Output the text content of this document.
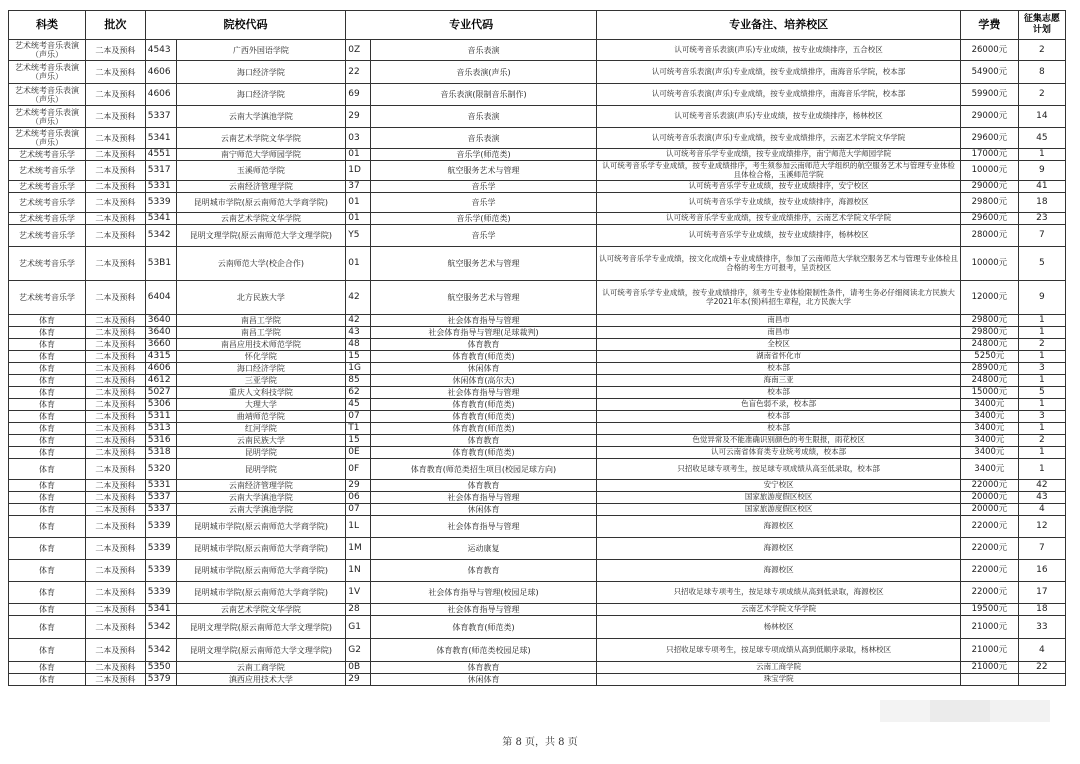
科类	批次	院校代码		专业代码		专业备注、培养校区	学费	征集志愿计划
艺术统考音乐表演（声乐）	二本及预科	4543	广西外国语学院	0Z	音乐表演	认可统考音乐表演(声乐)专业成绩，按专业成绩排序，五合校区	26000元	2
艺术统考音乐表演（声乐）	二本及预科	4606	海口经济学院	22	音乐表演(声乐)	认可统考音乐表演(声乐)专业成绩，按专业成绩排序，南海音乐学院，校本部	54900元	8
艺术统考音乐表演（声乐）	二本及预科	4606	海口经济学院	69	音乐表演(限制音乐制作)	认可统考音乐表演(声乐)专业成绩，按专业成绩排序，南海音乐学院，校本部	59900元	2
艺术统考音乐表演（声乐）	二本及预科	5337	云南大学滇池学院	29	音乐表演	认可统考音乐表演(声乐)专业成绩，按专业成绩排序，杨林校区	29000元	14
艺术统考音乐表演（声乐）	二本及预科	5341	云南艺术学院文华学院	03	音乐表演	认可统考音乐表演(声乐)专业成绩，按专业成绩排序，云南艺术学院文华学院	29600元	45
艺术统考音乐学	二本及预科	4551	南宁师范大学师园学院	01	音乐学(师范类)	认可统考音乐学专业成绩，按专业成绩排序，南宁师范大学师园学院	17000元	1
艺术统考音乐学	二本及预科	5317	玉溪师范学院	1D	航空服务艺术与管理	认可统考音乐学专业成绩，按专业成绩排序，考生须参加云南师范大学组织的航空服务艺术与管理专业体检且体检合格，玉溪师范学院	10000元	9
艺术统考音乐学	二本及预科	5331	云南经济管理学院	37	音乐学	认可统考音乐学专业成绩，按专业成绩排序，安宁校区	29000元	41
艺术统考音乐学	二本及预科	5339	昆明城市学院(原云南师范大学商学院)	01	音乐学	认可统考音乐学专业成绩，按专业成绩排序，海源校区	29800元	18
艺术统考音乐学	二本及预科	5341	云南艺术学院文华学院	01	音乐学(师范类)	认可统考音乐学专业成绩，按专业成绩排序，云南艺术学院文华学院	29600元	23
艺术统考音乐学	二本及预科	5342	昆明文理学院(原云南师范大学文理学院)	Y5	音乐学	认可统考音乐学专业成绩，按专业成绩排序，杨林校区	28000元	7
艺术统考音乐学	二本及预科	53B1	云南师范大学(校企合作)	01	航空服务艺术与管理	认可统考音乐学专业成绩，按文化成绩+专业成绩排序，参加了云南师范大学航空服务艺术与管理专业体检且合格的考生方可报考，呈贡校区	10000元	5
艺术统考音乐学	二本及预科	6404	北方民族大学	42	航空服务艺术与管理	认可统考音乐学专业成绩，按专业成绩排序，须考生专业体检限制性条件，请考生务必仔细阅读北方民族大学2021年本(预)科招生章程，北方民族大学	12000元	9
体育	二本及预科	3640	南昌工学院	42	社会体育指导与管理	南昌市	29800元	1
体育	二本及预科	3640	南昌工学院	43	社会体育指导与管理(足球裁判)	南昌市	29800元	1
体育	二本及预科	3660	南昌应用技术师范学院	48	体育教育	全校区	24800元	2
体育	二本及预科	4315	怀化学院	15	体育教育(师范类)	湖南省怀化市	5250元	1
体育	二本及预科	4606	海口经济学院	1G	休闲体育	校本部	28900元	3
体育	二本及预科	4612	三亚学院	85	休闲体育(高尔夫)	海南三亚	24800元	1
体育	二本及预科	5027	重庆人文科技学院	62	社会体育指导与管理	校本部	15000元	5
体育	二本及预科	5306	大理大学	45	体育教育(师范类)	色盲色弱不录，校本部	3400元	1
体育	二本及预科	5311	曲靖师范学院	07	体育教育(师范类)	校本部	3400元	3
体育	二本及预科	5313	红河学院	T1	体育教育(师范类)	校本部	3400元	1
体育	二本及预科	5316	云南民族大学	15	体育教育	色觉异常及不能准确识别颜色的考生限报，雨花校区	3400元	2
体育	二本及预科	5318	昆明学院	0E	体育教育(师范类)	认可云南省体育类专业统考成绩，校本部	3400元	1
体育	二本及预科	5320	昆明学院	0F	体育教育(师范类招生项目(校园足球方向)	只招收足球专项考生，按足球专项成绩从高至低录取，校本部	3400元	1
体育	二本及预科	5331	云南经济管理学院	29	体育教育	安宁校区	22000元	42
体育	二本及预科	5337	云南大学滇池学院	06	社会体育指导与管理	国家旅游度假区校区	20000元	43
体育	二本及预科	5337	云南大学滇池学院	07	休闲体育	国家旅游度假区校区	20000元	4
体育	二本及预科	5339	昆明城市学院(原云南师范大学商学院)	1L	社会体育指导与管理	海源校区	22000元	12
体育	二本及预科	5339	昆明城市学院(原云南师范大学商学院)	1M	运动康复	海源校区	22000元	7
体育	二本及预科	5339	昆明城市学院(原云南师范大学商学院)	1N	体育教育	海源校区	22000元	16
体育	二本及预科	5339	昆明城市学院(原云南师范大学商学院)	1V	社会体育指导与管理(校园足球)	只招收足球专项考生，按足球专项成绩从高到低录取，海源校区	22000元	17
体育	二本及预科	5341	云南艺术学院文华学院	28	社会体育指导与管理	云南艺术学院文华学院	19500元	18
体育	二本及预科	5342	昆明文理学院(原云南师范大学文理学院)	G1	体育教育(师范类)	杨林校区	21000元	33
体育	二本及预科	5342	昆明文理学院(原云南师范大学文理学院)	G2	体育教育(师范类校园足球)	只招收足球专项考生，按足球专项成绩从高到低顺序录取，杨林校区	21000元	4
体育	二本及预科	5350	云南工商学院	0B	体育教育	云南工商学院	21000元	22
体育	二本及预科	5379	滇西应用技术大学	29	休闲体育	珠宝学院		
第 8 页，共 8 页
